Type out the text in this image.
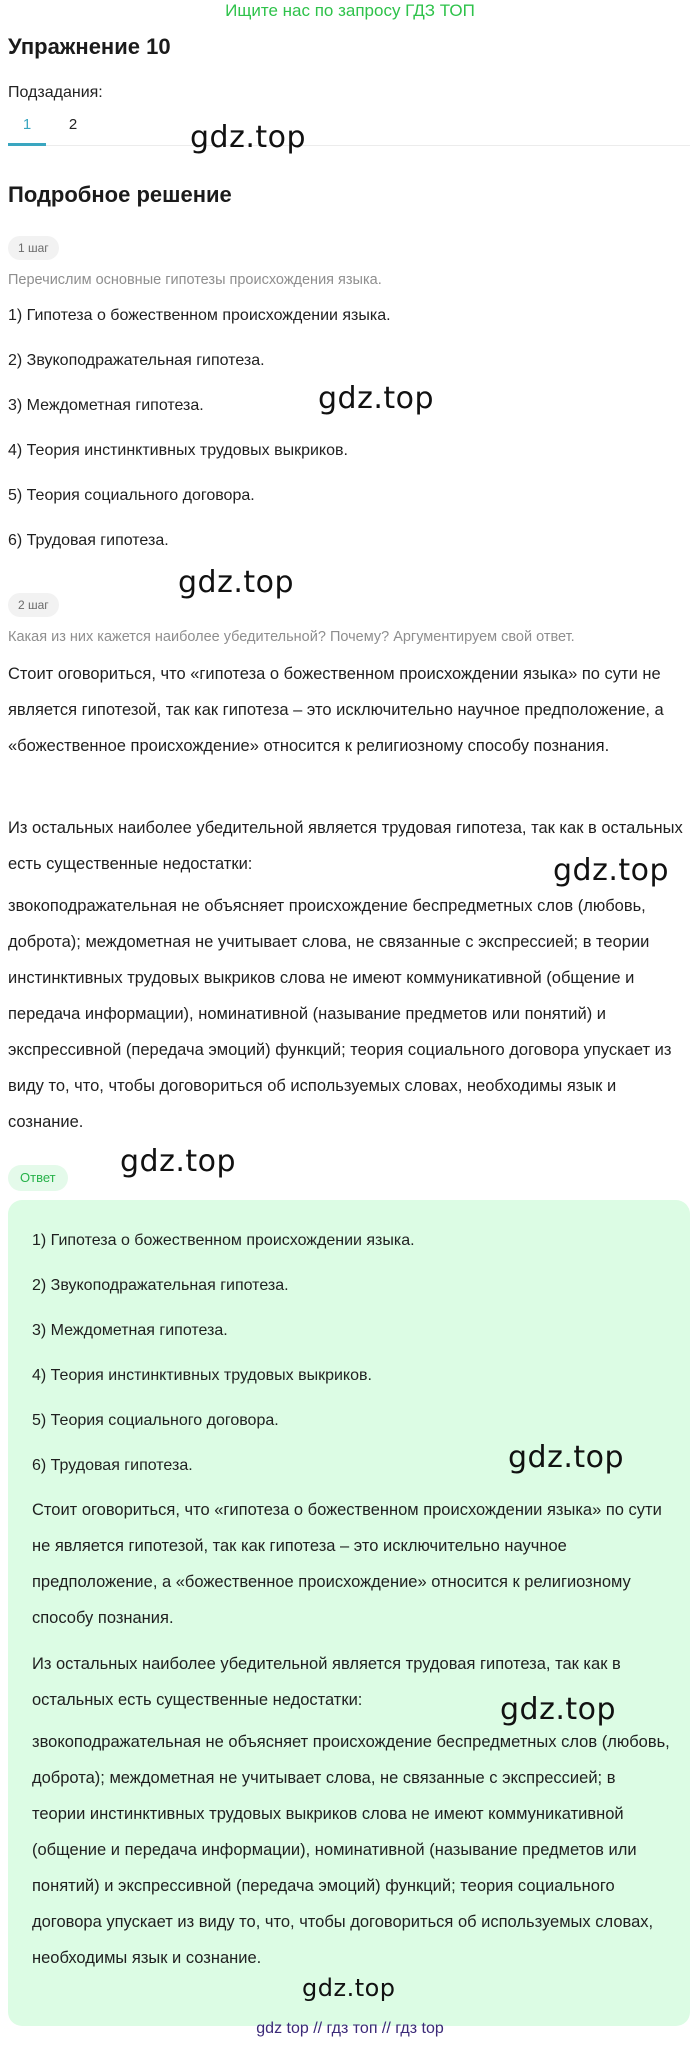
Ищите нас по запросу ГДЗ ТОП
Упражнение 10
Подзадания:
1	2	gdz.top
Подробное решение
1 шаг
Перечислим основные гипотезы происхождения языка.
1) Гипотеза о божественном происхождении языка.
2) Звукоподражательная гипотеза.
3) Междометная гипотеза.
4) Теория инстинктивных трудовых выкриков.
5) Теория социального договора.
6) Трудовая гипотеза.
gdz.top
gdz.top
2 шаг
Какая из них кажется наиболее убедительной? Почему? Аргументируем свой ответ.
Стоит оговориться, что «гипотеза о божественном происхождении языка» по сути не является гипотезой, так как гипотеза – это исключительно научное предположение, а «божественное происхождение» относится к религиозному способу познания.
Из остальных наиболее убедительной является трудовая гипотеза, так как в остальных есть существенные недостатки:
звокоподражательная не объясняет происхождение беспредметных слов (любовь, доброта); междометная не учитывает слова, не связанные с экспрессией; в теории инстинктивных трудовых выкриков слова не имеют коммуникативной (общение и передача информации), номинативной (называние предметов или понятий) и экспрессивной (передача эмоций) функций; теория социального договора упускает из виду то, что, чтобы договориться об используемых словах, необходимы язык и сознание.
gdz.top
gdz.top
Ответ
1) Гипотеза о божественном происхождении языка.
2) Звукоподражательная гипотеза.
3) Междометная гипотеза.
4) Теория инстинктивных трудовых выкриков.
5) Теория социального договора.
6) Трудовая гипотеза.
Стоит оговориться, что «гипотеза о божественном происхождении языка» по сути не является гипотезой, так как гипотеза – это исключительно научное предположение, а «божественное происхождение» относится к религиозному способу познания.
Из остальных наиболее убедительной является трудовая гипотеза, так как в остальных есть существенные недостатки:
звокоподражательная не объясняет происхождение беспредметных слов (любовь, доброта); междометная не учитывает слова, не связанные с экспрессией; в теории инстинктивных трудовых выкриков слова не имеют коммуникативной (общение и передача информации), номинативной (называние предметов или понятий) и экспрессивной (передача эмоций) функций; теория социального договора упускает из виду то, что, чтобы договориться об используемых словах, необходимы язык и сознание.
gdz.top
gdz.top
gdz.top
gdz top // гдз топ // гдз top
